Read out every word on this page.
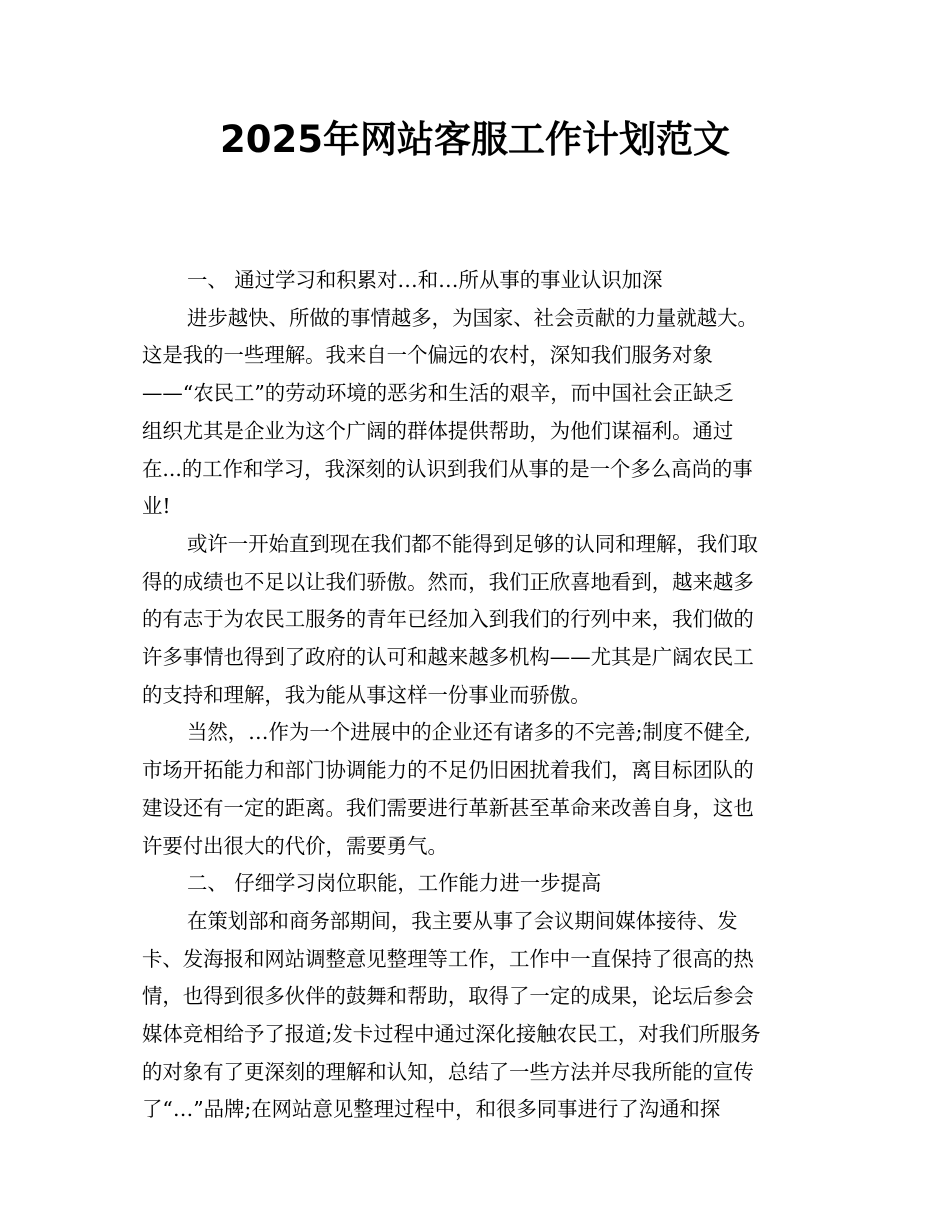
2025年网站客服工作计划范文

一、 通过学习和积累对…和…所从事的事业认识加深

进步越快、所做的事情越多，为国家、社会贡献的力量就越大。
这是我的一些理解。我来自一个偏远的农村，深知我们服务对象
——“农民工”的劳动环境的恶劣和生活的艰辛，而中国社会正缺乏
组织尤其是企业为这个广阔的群体提供帮助，为他们谋福利。通过
在...的工作和学习，我深刻的认识到我们从事的是一个多么高尚的事
业!

或许一开始直到现在我们都不能得到足够的认同和理解，我们取
得的成绩也不足以让我们骄傲。然而，我们正欣喜地看到，越来越多
的有志于为农民工服务的青年已经加入到我们的行列中来，我们做的
许多事情也得到了政府的认可和越来越多机构——尤其是广阔农民工
的支持和理解，我为能从事这样一份事业而骄傲。

当然，…作为一个进展中的企业还有诸多的不完善;制度不健全,
市场开拓能力和部门协调能力的不足仍旧困扰着我们，离目标团队的
建设还有一定的距离。我们需要进行革新甚至革命来改善自身，这也
许要付出很大的代价，需要勇气。

二、 仔细学习岗位职能，工作能力进一步提高

在策划部和商务部期间，我主要从事了会议期间媒体接待、发
卡、发海报和网站调整意见整理等工作，工作中一直保持了很高的热
情，也得到很多伙伴的鼓舞和帮助，取得了一定的成果，论坛后参会
媒体竞相给予了报道;发卡过程中通过深化接触农民工，对我们所服务
的对象有了更深刻的理解和认知，总结了一些方法并尽我所能的宣传
了“…”品牌;在网站意见整理过程中，和很多同事进行了沟通和探
